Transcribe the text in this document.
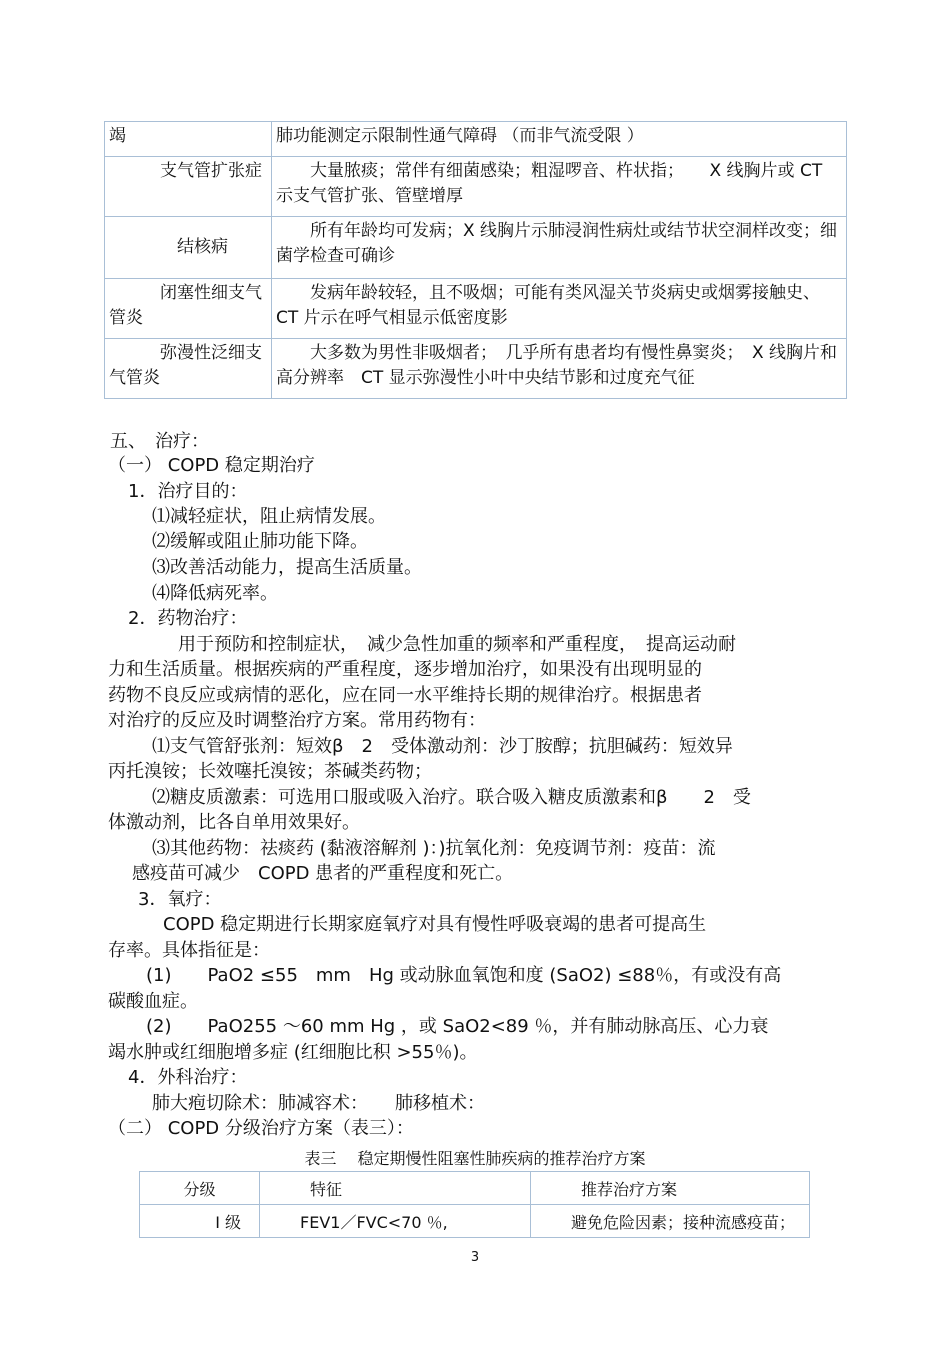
竭	肺功能测定示限制性通气障碍 （而非气流受限 ）
支气管扩张症	大量脓痰；常伴有细菌感染；粗湿啰音、杵状指；　　X 线胸片或 CT 示支气管扩张、管壁增厚
结核病	所有年龄均可发病；X 线胸片示肺浸润性病灶或结节状空洞样改变；细菌学检查可确诊
闭塞性细支气管炎	发病年龄较轻，且不吸烟；可能有类风湿关节炎病史或烟雾接触史、CT 片示在呼气相显示低密度影
弥漫性泛细支气管炎	大多数为男性非吸烟者；　几乎所有患者均有慢性鼻窦炎；　X 线胸片和高分辨率　CT 显示弥漫性小叶中央结节影和过度充气征
五、　治疗：
（一） COPD 稳定期治疗
1．治疗目的：
⑴减轻症状，阻止病情发展。
⑵缓解或阻止肺功能下降。
⑶改善活动能力，提高生活质量。
⑷降低病死率。
2．药物治疗：
用于预防和控制症状，　减少急性加重的频率和严重程度，　提高运动耐
力和生活质量。根据疾病的严重程度，逐步增加治疗，如果没有出现明显的
药物不良反应或病情的恶化，应在同一水平维持长期的规律治疗。根据患者
对治疗的反应及时调整治疗方案。常用药物有：
⑴支气管舒张剂：短效β　2　受体激动剂：沙丁胺醇；抗胆碱药：短效异
丙托溴铵；长效噻托溴铵；茶碱类药物；
⑵糖皮质激素：可选用口服或吸入治疗。联合吸入糖皮质激素和β　　2　受
体激动剂，比各自单用效果好。
⑶其他药物：祛痰药 (黏液溶解剂 )：)抗氧化剂：免疫调节剂：疫苗：流
感疫苗可减少　COPD 患者的严重程度和死亡。
3．氧疗：
COPD 稳定期进行长期家庭氧疗对具有慢性呼吸衰竭的患者可提高生
存率。具体指征是：
(1)　　PaO2 ≤55　mm　Hg 或动脉血氧饱和度 (SaO2) ≤88％，有或没有高
碳酸血症。
(2)　　PaO255 ～60 mm Hg ，或 SaO2<89 ％，并有肺动脉高压、心力衰
竭水肿或红细胞增多症 (红细胞比积 >55％)。
4．外科治疗：
肺大疱切除术：肺减容术：　　肺移植术：
（二） COPD 分级治疗方案（表三）：
表三　 稳定期慢性阻塞性肺疾病的推荐治疗方案
分级	特征	推荐治疗方案
I 级	FEV1／FVC<70 ％,	避免危险因素；接种流感疫苗；
3
